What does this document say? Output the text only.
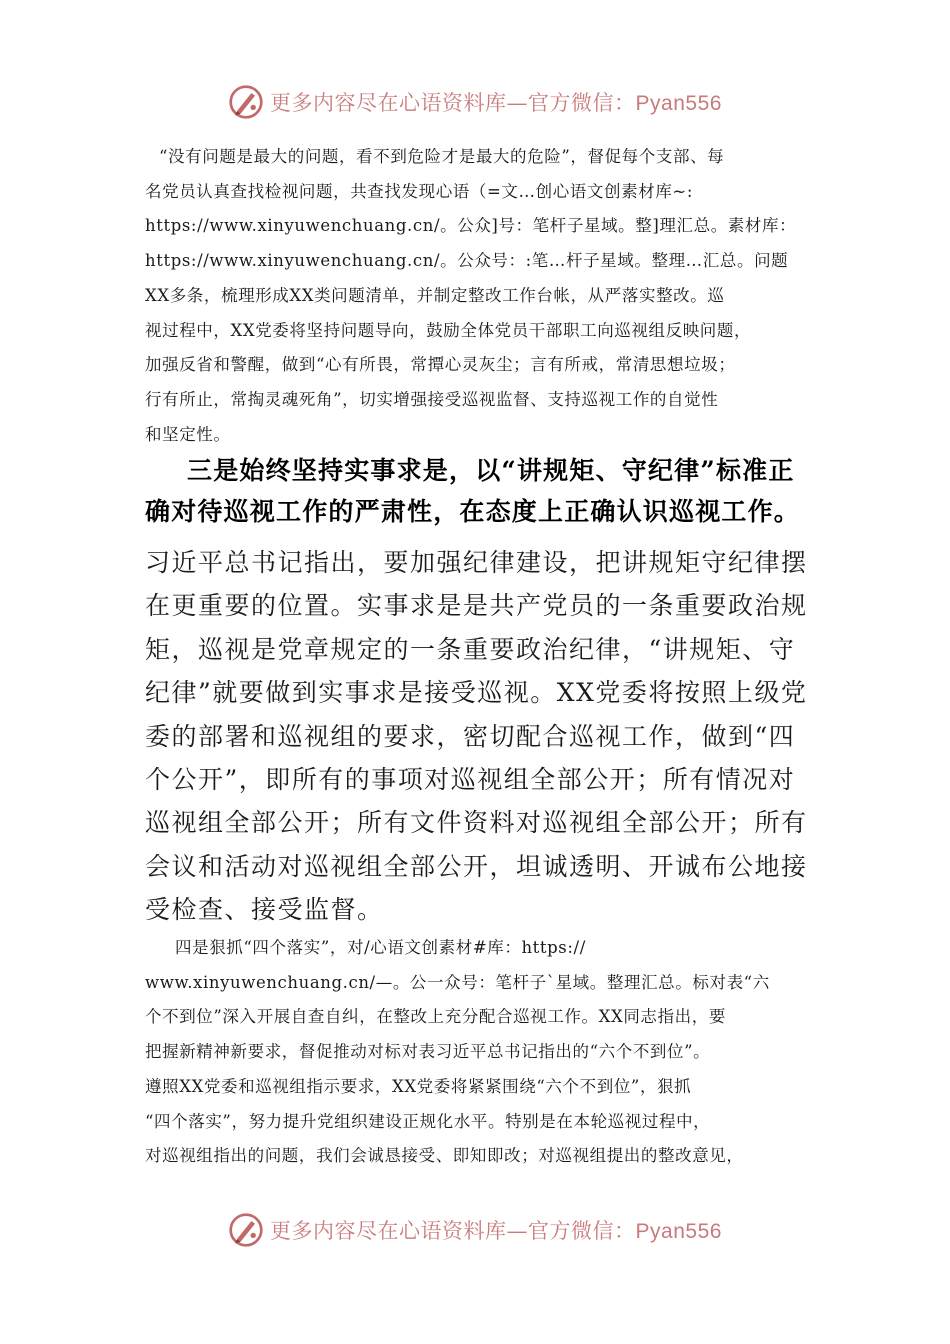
更多内容尽在心语资料库—官方微信：Pyan556
“没有问题是最大的问题，看不到危险才是最大的危险”，督促每个支部、每
名党员认真查找检视问题，共查找发现心语（=文…创心语文创素材库~:
https://www.xinyuwenchuang.cn/。公众]号：笔杆子星域。整]理汇总。素材库：
https://www.xinyuwenchuang.cn/。公众号：:笔…杆子星域。整理…汇总。问题
XX多条，梳理形成XX类问题清单，并制定整改工作台帐，从严落实整改。巡
视过程中，XX党委将坚持问题导向，鼓励全体党员干部职工向巡视组反映问题，
加强反省和警醒，做到“心有所畏，常撢心灵灰尘；言有所戒，常清思想垃圾；
行有所止，常掏灵魂死角”，切实增强接受巡视监督、支持巡视工作的自觉性
和坚定性。
三是始终坚持实事求是，以“讲规矩、守纪律”标准正
确对待巡视工作的严肃性，在态度上正确认识巡视工作。
习近平总书记指出，要加强纪律建设，把讲规矩守纪律摆
在更重要的位置。实事求是是共产党员的一条重要政治规
矩，巡视是党章规定的一条重要政治纪律，“讲规矩、守
纪律”就要做到实事求是接受巡视。XX党委将按照上级党
委的部署和巡视组的要求，密切配合巡视工作，做到“四
个公开”，即所有的事项对巡视组全部公开；所有情况对
巡视组全部公开；所有文件资料对巡视组全部公开；所有
会议和活动对巡视组全部公开，坦诚透明、开诚布公地接
受检查、接受监督。
四是狠抓“四个落实”，对/心语文创素材#库：https://
www.xinyuwenchuang.cn/—。公一众号：笔杆子`星域。整理汇总。标对表“六
个不到位”深入开展自查自纠，在整改上充分配合巡视工作。XX同志指出，要
把握新精神新要求，督促推动对标对表习近平总书记指出的“六个不到位”。
遵照XX党委和巡视组指示要求，XX党委将紧紧围绕“六个不到位”，狠抓
“四个落实”，努力提升党组织建设正规化水平。特别是在本轮巡视过程中，
对巡视组指出的问题，我们会诚恳接受、即知即改；对巡视组提出的整改意见，
更多内容尽在心语资料库—官方微信：Pyan556
